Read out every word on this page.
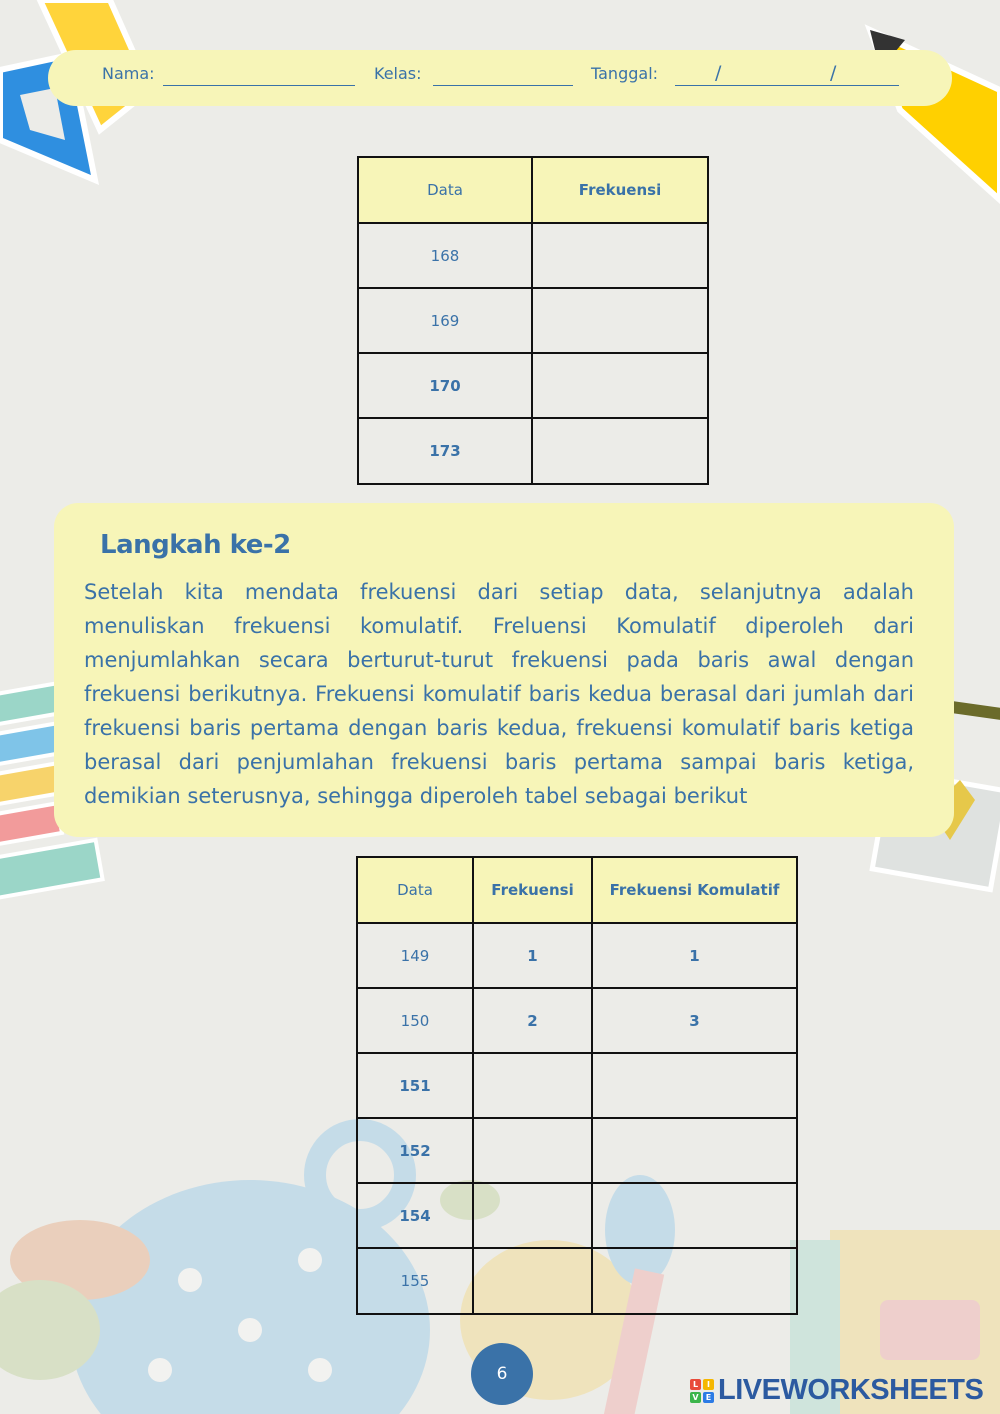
Nama:	Kelas:	Tanggal:	/	/
Data	Frekuensi
168	
169	
170	
173	
Langkah ke-2
Setelah kita mendata frekuensi dari setiap data, selanjutnya adalah menuliskan frekuensi komulatif. Freluensi Komulatif diperoleh dari menjumlahkan secara berturut-turut frekuensi pada baris awal dengan frekuensi berikutnya. Frekuensi komulatif baris kedua berasal dari jumlah dari frekuensi baris pertama dengan baris kedua, frekuensi komulatif baris ketiga berasal dari penjumlahan frekuensi baris pertama sampai baris ketiga, demikian seterusnya, sehingga diperoleh tabel sebagai berikut
Data	Frekuensi	Frekuensi Komulatif
149	1	1
150	2	3
151		
152		
154		
155		
6	L	I
V E LIVEWORKSHEETS
